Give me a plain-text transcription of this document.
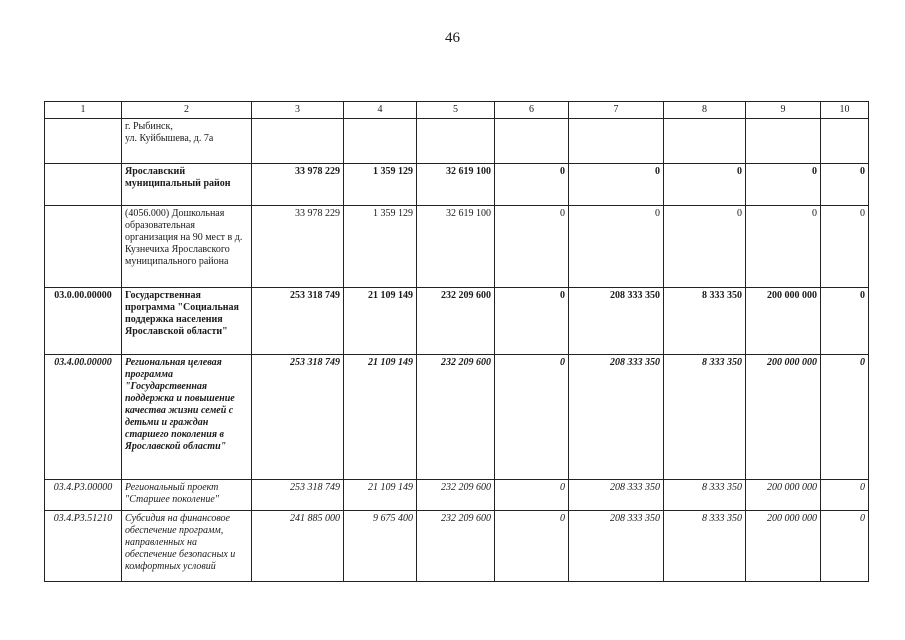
46
1	2	3	4	5	6	7	8	9	10
	г. Рыбинск,
ул. Куйбышева, д. 7а								
	Ярославский муниципальный район	33 978 229	1 359 129	32 619 100	0	0	0	0	0
	(4056.000) Дошкольная образовательная организация на 90 мест в д. Кузнечиха Ярославского муниципального района	33 978 229	1 359 129	32 619 100	0	0	0	0	0
03.0.00.00000	Государственная программа "Социальная поддержка населения Ярославской области"	253 318 749	21 109 149	232 209 600	0	208 333 350	8 333 350	200 000 000	0
03.4.00.00000	Региональная целевая программа "Государственная поддержка и повышение качества жизни семей с детьми и граждан старшего поколения в Ярославской области"	253 318 749	21 109 149	232 209 600	0	208 333 350	8 333 350	200 000 000	0
03.4.P3.00000	Региональный проект "Старшее поколение"	253 318 749	21 109 149	232 209 600	0	208 333 350	8 333 350	200 000 000	0
03.4.P3.51210	Субсидия на финансовое обеспечение программ, направленных на обеспечение безопасных и комфортных условий	241 885 000	9 675 400	232 209 600	0	208 333 350	8 333 350	200 000 000	0
